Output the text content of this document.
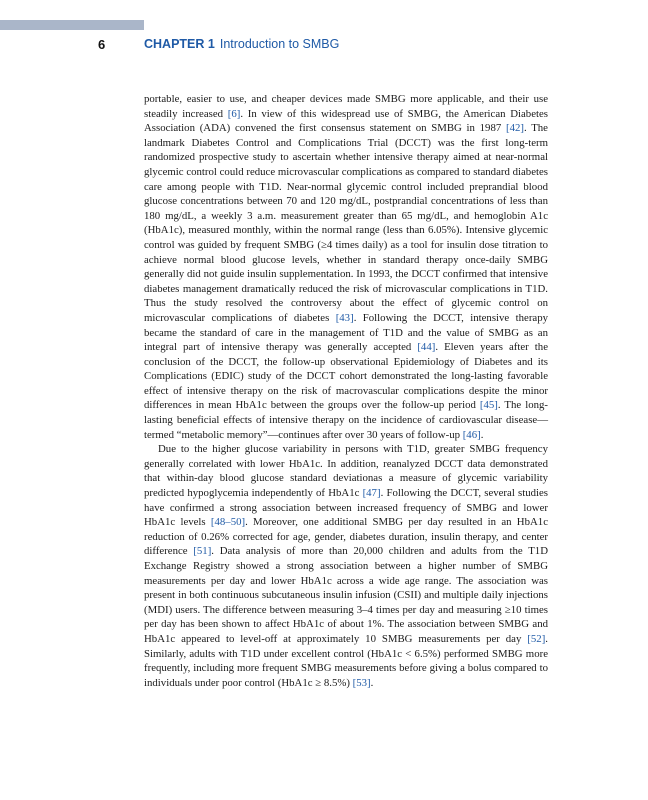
6	CHAPTER 1 Introduction to SMBG

portable, easier to use, and cheaper devices made SMBG more applicable, and their use steadily increased [6]. In view of this widespread use of SMBG, the American Diabetes Association (ADA) convened the first consensus statement on SMBG in 1987 [42]. The landmark Diabetes Control and Complications Trial (DCCT) was the first long-term randomized prospective study to ascertain whether intensive therapy aimed at near-normal glycemic control could reduce microvascular complications as compared to standard diabetes care among people with T1D. Near-normal glycemic control included preprandial blood glucose concentrations between 70 and 120 mg/dL, postprandial concentrations of less than 180 mg/dL, a weekly 3 a.m. measurement greater than 65 mg/dL, and hemoglobin A1c (HbA1c), measured monthly, within the normal range (less than 6.05%). Intensive glycemic control was guided by frequent SMBG (≥4 times daily) as a tool for insulin dose titration to achieve normal blood glucose levels, whether in standard therapy once-daily SMBG generally did not guide insulin supplementation. In 1993, the DCCT confirmed that intensive diabetes management dramatically reduced the risk of microvascular complications in T1D. Thus the study resolved the controversy about the effect of glycemic control on microvascular complications of diabetes [43]. Following the DCCT, intensive therapy became the standard of care in the management of T1D and the value of SMBG as an integral part of intensive therapy was generally accepted [44]. Eleven years after the conclusion of the DCCT, the follow-up observational Epidemiology of Diabetes and its Complications (EDIC) study of the DCCT cohort demonstrated the long-lasting favorable effect of intensive therapy on the risk of macrovascular complications despite the minor differences in mean HbA1c between the groups over the follow-up period [45]. The long-lasting beneficial effects of intensive therapy on the incidence of cardiovascular disease—termed “metabolic memory”—continues after over 30 years of follow-up [46].

Due to the higher glucose variability in persons with T1D, greater SMBG frequency generally correlated with lower HbA1c. In addition, reanalyzed DCCT data demonstrated that within-day blood glucose standard deviationas a measure of glycemic variability predicted hypoglycemia independently of HbA1c [47]. Following the DCCT, several studies have confirmed a strong association between increased frequency of SMBG and lower HbA1c levels [48–50]. Moreover, one additional SMBG per day resulted in an HbA1c reduction of 0.26% corrected for age, gender, diabetes duration, insulin therapy, and center difference [51]. Data analysis of more than 20,000 children and adults from the T1D Exchange Registry showed a strong association between a higher number of SMBG measurements per day and lower HbA1c across a wide age range. The association was present in both continuous subcutaneous insulin infusion (CSII) and multiple daily injections (MDI) users. The difference between measuring 3–4 times per day and measuring ≥10 times per day has been shown to affect HbA1c of about 1%. The association between SMBG and HbA1c appeared to level-off at approximately 10 SMBG measurements per day [52]. Similarly, adults with T1D under excellent control (HbA1c < 6.5%) performed SMBG more frequently, including more frequent SMBG measurements before giving a bolus compared to individuals under poor control (HbA1c ≥ 8.5%) [53].
